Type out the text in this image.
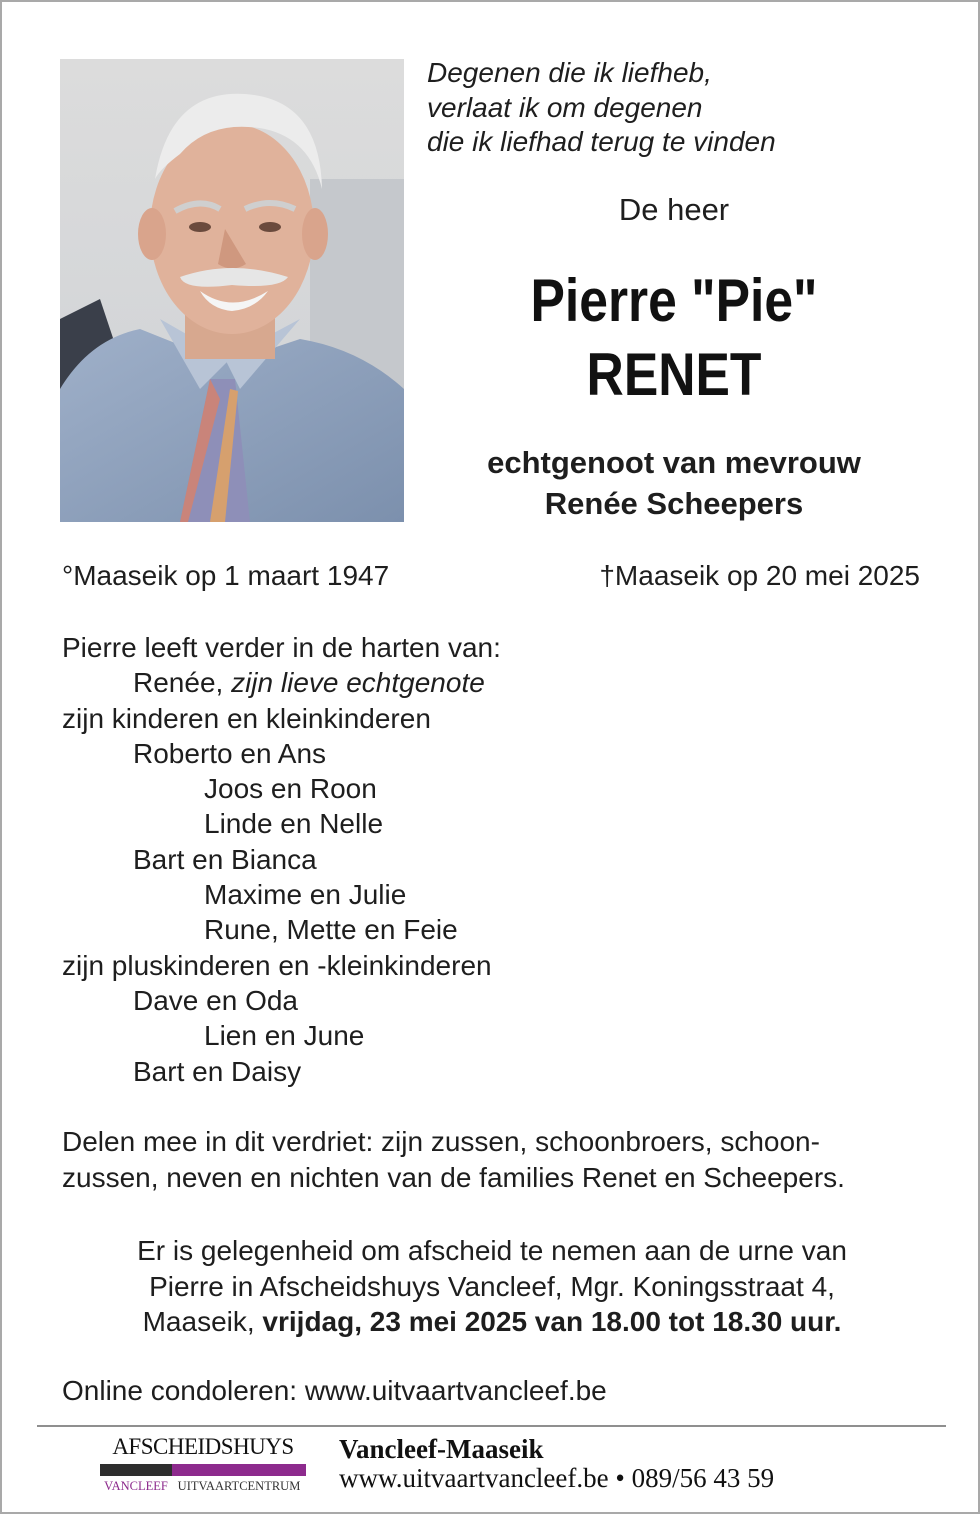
Degenen die ik liefheb,
verlaat ik om degenen
die ik liefhad terug te vinden
De heer
Pierre "Pie"
RENET
echtgenoot van mevrouw
Renée Scheepers
°Maaseik op 1 maart 1947	†Maaseik op 20 mei 2025
Pierre leeft verder in de harten van:
Renée, zijn lieve echtgenote
zijn kinderen en kleinkinderen
Roberto en Ans
Joos en Roon
Linde en Nelle
Bart en Bianca
Maxime en Julie
Rune, Mette en Feie
zijn pluskinderen en -kleinkinderen
Dave en Oda
Lien en June
Bart en Daisy
Delen mee in dit verdriet: zijn zussen, schoonbroers, schoon-
zussen, neven en nichten van de families Renet en Scheepers.
Er is gelegenheid om afscheid te nemen aan de urne van
Pierre in Afscheidshuys Vancleef, Mgr. Koningsstraat 4,
Maaseik, vrijdag, 23 mei 2025 van 18.00 tot 18.30 uur.
Online condoleren: www.uitvaartvancleef.be
AFSCHEIDSHUYS
VANCLEEF UITVAARTCENTRUM
Vancleef-Maaseik
www.uitvaartvancleef.be • 089/56 43 59
